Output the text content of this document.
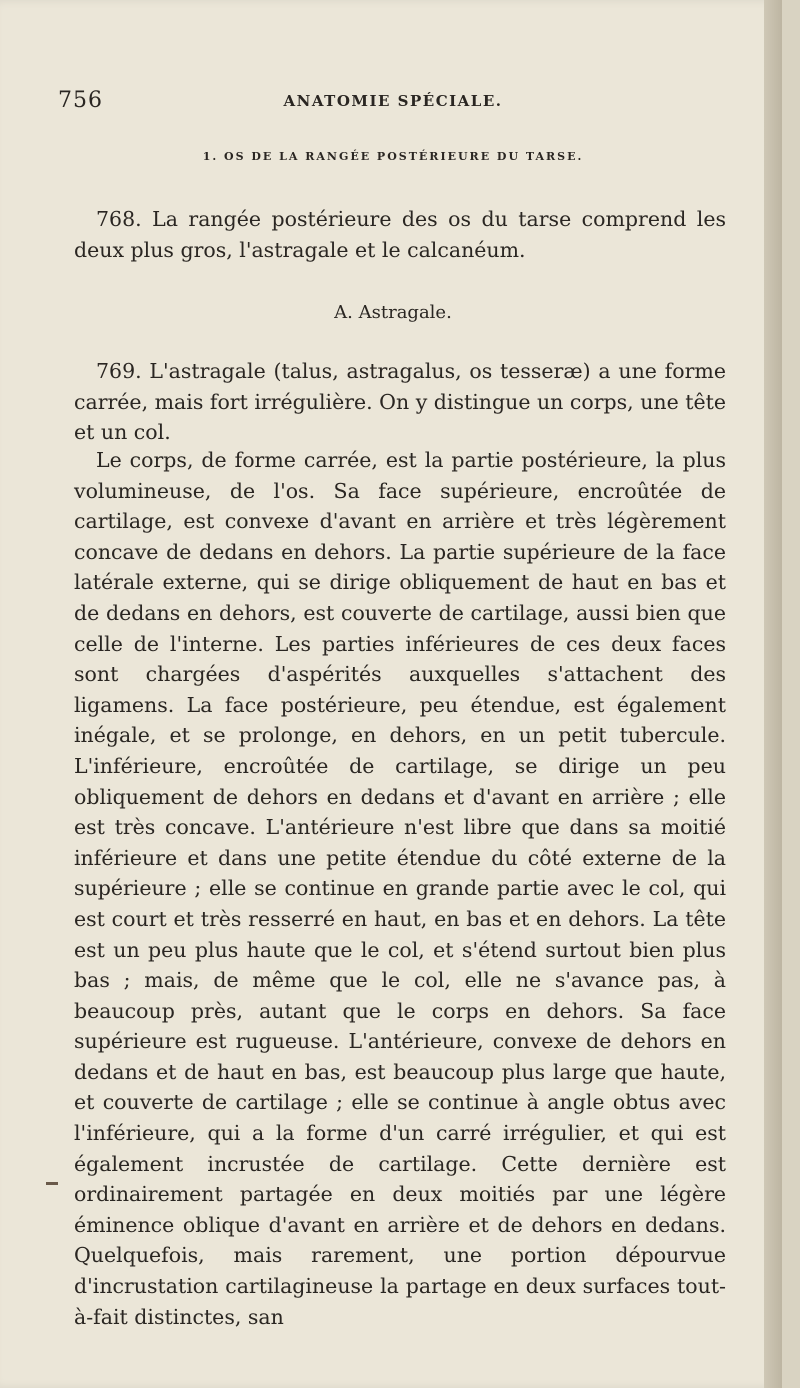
756	ANATOMIE SPÉCIALE.
1. OS DE LA RANGÉE POSTÉRIEURE DU TARSE.

768. La rangée postérieure des os du tarse comprend les deux plus gros, l'astragale et le calcanéum.

A. Astragale.

769. L'astragale (talus, astragalus, os tesseræ) a une forme carrée, mais fort irrégulière. On y distingue un corps, une tête et un col.

Le corps, de forme carrée, est la partie postérieure, la plus volumineuse, de l'os. Sa face supérieure, encroûtée de cartilage, est convexe d'avant en arrière et très légèrement concave de dedans en dehors. La partie supérieure de la face latérale externe, qui se dirige obliquement de haut en bas et de dedans en dehors, est couverte de cartilage, aussi bien que celle de l'interne. Les parties inférieures de ces deux faces sont chargées d'aspérités auxquelles s'attachent des ligamens. La face postérieure, peu étendue, est également inégale, et se prolonge, en dehors, en un petit tubercule. L'inférieure, encroûtée de cartilage, se dirige un peu obliquement de dehors en dedans et d'avant en arrière ; elle est très concave. L'antérieure n'est libre que dans sa moitié inférieure et dans une petite étendue du côté externe de la supérieure ; elle se continue en grande partie avec le col, qui est court et très resserré en haut, en bas et en dehors. La tête est un peu plus haute que le col, et s'étend surtout bien plus bas ; mais, de même que le col, elle ne s'avance pas, à beaucoup près, autant que le corps en dehors. Sa face supérieure est rugueuse. L'antérieure, convexe de dehors en dedans et de haut en bas, est beaucoup plus large que haute, et couverte de cartilage ; elle se continue à angle obtus avec l'inférieure, qui a la forme d'un carré irrégulier, et qui est également incrustée de cartilage. Cette dernière est ordinairement partagée en deux moitiés par une légère éminence oblique d'avant en arrière et de dehors en dedans. Quelquefois, mais rarement, une portion dépourvue d'incrustation cartilagineuse la partage en deux surfaces tout-à-fait distinctes, san
